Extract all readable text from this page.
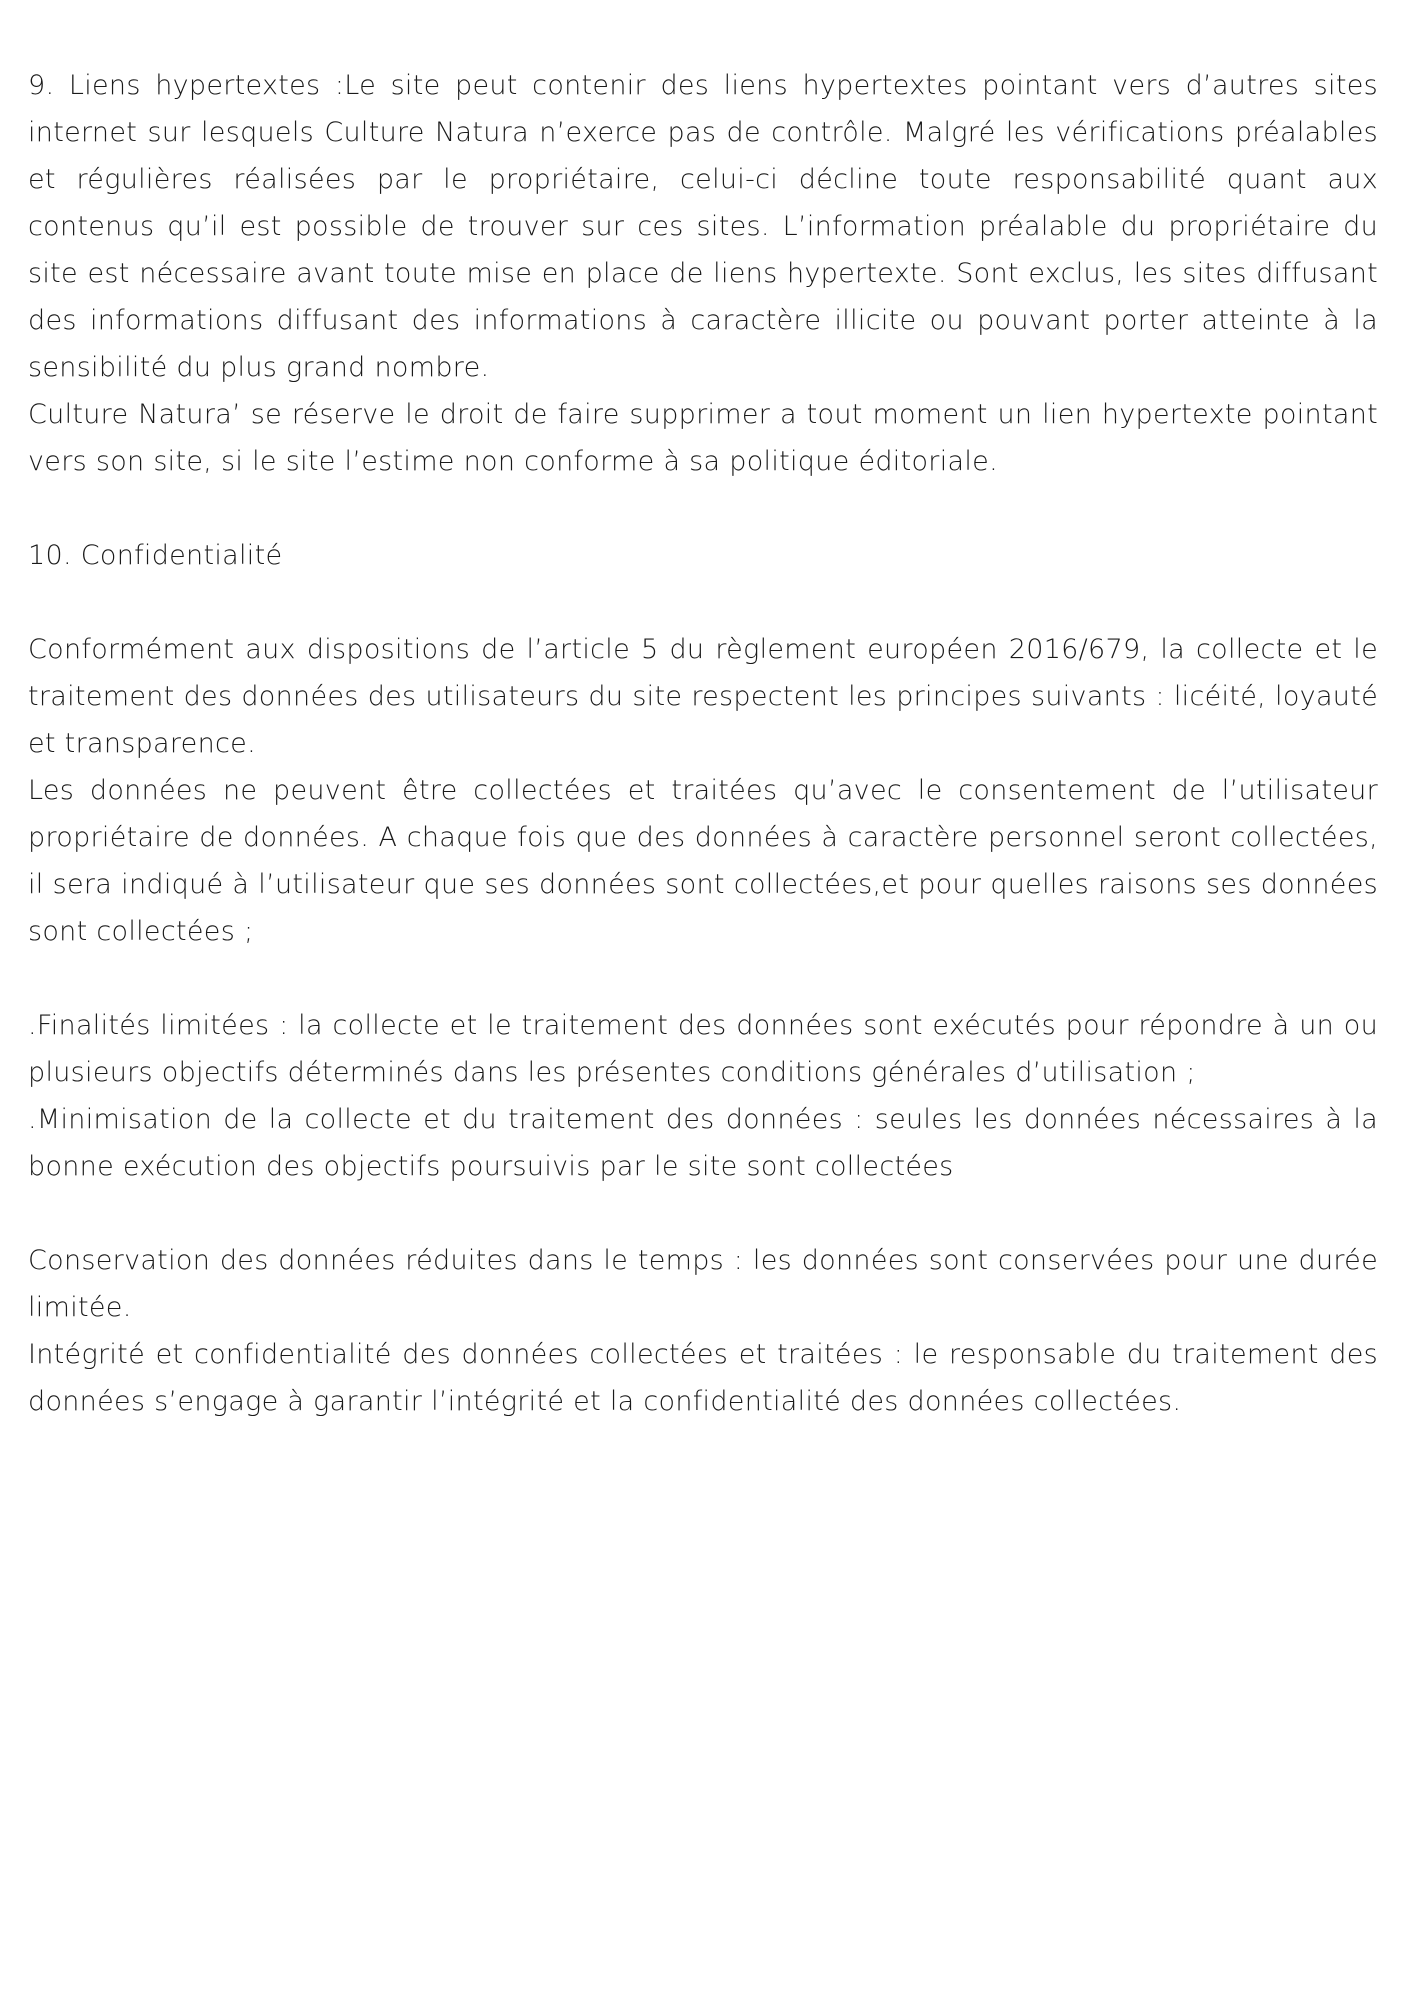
9. Liens hypertextes :Le site peut contenir des liens hypertextes pointant vers d’autres sites internet sur lesquels Culture Natura n’exerce pas de contrôle. Malgré les vérifications préalables et régulières réalisées par le propriétaire, celui-ci décline toute responsabilité quant aux contenus qu’il est possible de trouver sur ces sites. L’information préalable du propriétaire du site est nécessaire avant toute mise en place de liens hypertexte. Sont exclus, les sites diffusant des informations diffusant des informations à caractère illicite ou pouvant porter atteinte à la sensibilité du plus grand nombre.

Culture Natura’ se réserve le droit de faire supprimer a tout moment un lien hypertexte pointant vers son site, si le site l’estime non conforme à sa politique éditoriale.

10. Confidentialité

Conformément aux dispositions de l’article 5 du règlement européen 2016/679, la collecte et le traitement des données des utilisateurs du site respectent les principes suivants : licéité, loyauté et transparence.

Les données ne peuvent être collectées et traitées qu’avec le consentement de l’utilisateur propriétaire de données. A chaque fois que des données à caractère personnel seront collectées, il sera indiqué à l’utilisateur que ses données sont collectées,et pour quelles raisons ses données sont collectées ;

.Finalités limitées : la collecte et le traitement des données sont exécutés pour répondre à un ou plusieurs objectifs déterminés dans les présentes conditions générales d’utilisation ;

.Minimisation de la collecte et du traitement des données : seules les données nécessaires à la bonne exécution des objectifs poursuivis par le site sont collectées

Conservation des données réduites dans le temps : les données sont conservées pour une durée limitée.

Intégrité et confidentialité des données collectées et traitées : le responsable du traitement des données s’engage à garantir l’intégrité et la confidentialité des données collectées.
